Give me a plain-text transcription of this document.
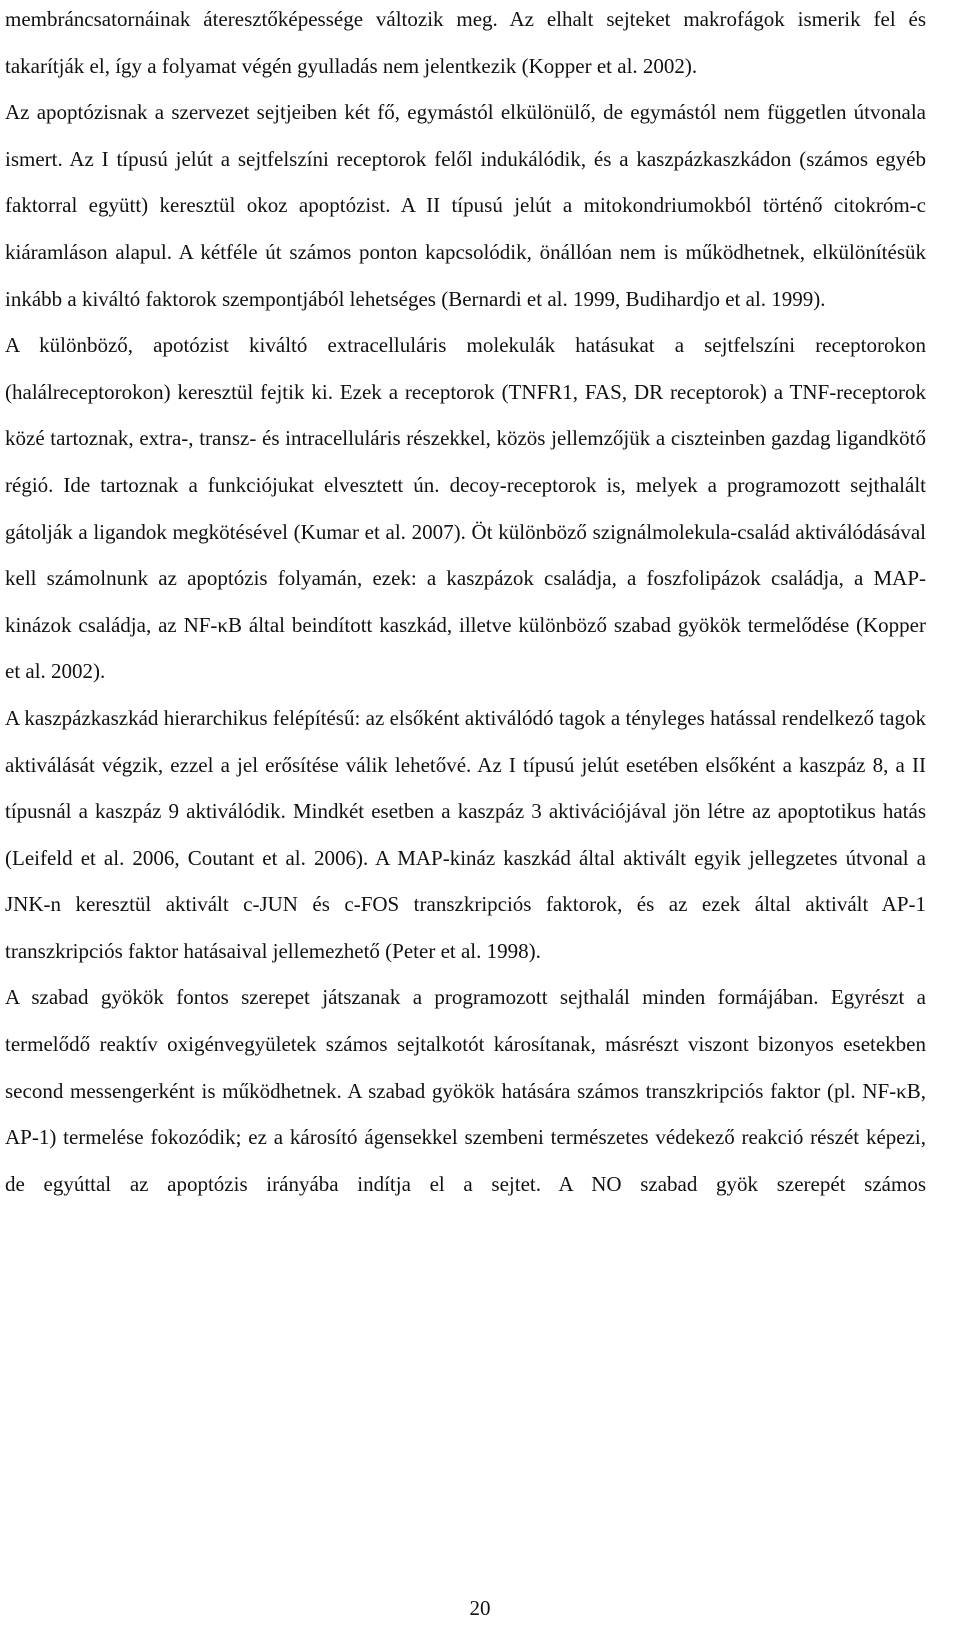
membráncsatornáinak áteresztőképessége változik meg. Az elhalt sejteket makrofágok ismerik fel és takarítják el, így a folyamat végén gyulladás nem jelentkezik (Kopper et al. 2002).

Az apoptózisnak a szervezet sejtjeiben két fő, egymástól elkülönülő, de egymástól nem független útvonala ismert. Az I típusú jelút a sejtfelszíni receptorok felől indukálódik, és a kaszpázkaszkádon (számos egyéb faktorral együtt) keresztül okoz apoptózist. A II típusú jelút a mitokondriumokból történő citokróm-c kiáramláson alapul. A kétféle út számos ponton kapcsolódik, önállóan nem is működhetnek, elkülönítésük inkább a kiváltó faktorok szempontjából lehetséges (Bernardi et al. 1999, Budihardjo et al. 1999).

A különböző, apotózist kiváltó extracelluláris molekulák hatásukat a sejtfelszíni receptorokon (halálreceptorokon) keresztül fejtik ki. Ezek a receptorok (TNFR1, FAS, DR receptorok) a TNF-receptorok közé tartoznak, extra-, transz- és intracelluláris részekkel, közös jellemzőjük a ciszteinben gazdag ligandkötő régió. Ide tartoznak a funkciójukat elvesztett ún. decoy-receptorok is, melyek a programozott sejthalált gátolják a ligandok megkötésével (Kumar et al. 2007). Öt különböző szignálmolekula-család aktiválódásával kell számolnunk az apoptózis folyamán, ezek: a kaszpázok családja, a foszfolipázok családja, a MAP-kinázok családja, az NF-κB által beindított kaszkád, illetve különböző szabad gyökök termelődése (Kopper et al. 2002).

A kaszpázkaszkád hierarchikus felépítésű: az elsőként aktiválódó tagok a tényleges hatással rendelkező tagok aktiválását végzik, ezzel a jel erősítése válik lehetővé. Az I típusú jelút esetében elsőként a kaszpáz 8, a II típusnál a kaszpáz 9 aktiválódik. Mindkét esetben a kaszpáz 3 aktivációjával jön létre az apoptotikus hatás (Leifeld et al. 2006, Coutant et al. 2006). A MAP-kináz kaszkád által aktivált egyik jellegzetes útvonal a JNK-n keresztül aktivált c-JUN és c-FOS transzkripciós faktorok, és az ezek által aktivált AP-1 transzkripciós faktor hatásaival jellemezhető (Peter et al. 1998).

A szabad gyökök fontos szerepet játszanak a programozott sejthalál minden formájában. Egyrészt a termelődő reaktív oxigénvegyületek számos sejtalkotót károsítanak, másrészt viszont bizonyos esetekben second messengerként is működhetnek. A szabad gyökök hatására számos transzkripciós faktor (pl. NF-κB, AP-1) termelése fokozódik; ez a károsító ágensekkel szembeni természetes védekező reakció részét képezi, de egyúttal az apoptózis irányába indítja el a sejtet. A NO szabad gyök szerepét számos

20
